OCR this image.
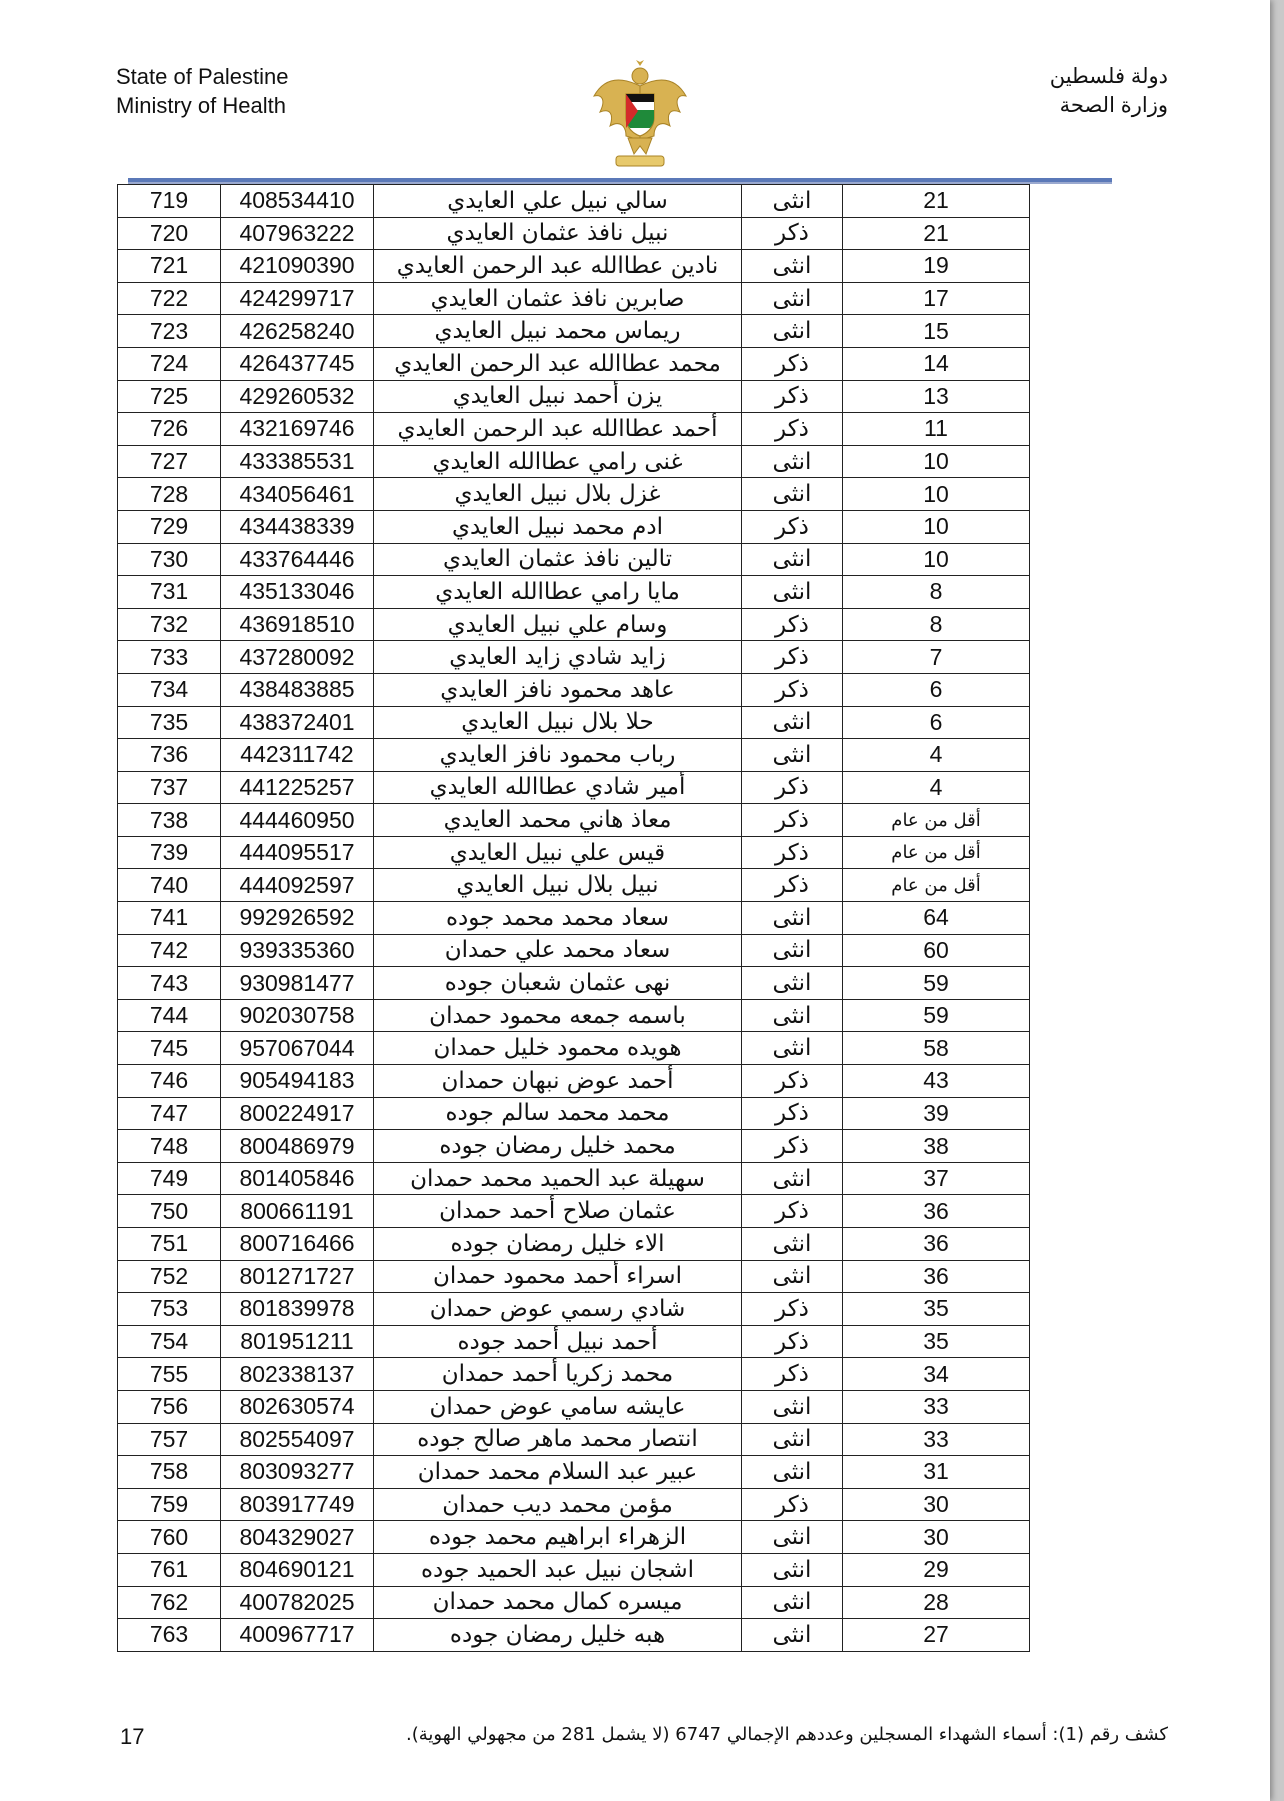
State of Palestine
Ministry of Health
دولة فلسطين
وزارة الصحة
719	408534410	سالي نبيل علي العايدي	انثى	21
720	407963222	نبيل نافذ عثمان العايدي	ذكر	21
721	421090390	نادين عطاالله عبد الرحمن العايدي	انثى	19
722	424299717	صابرين نافذ عثمان العايدي	انثى	17
723	426258240	ريماس محمد نبيل العايدي	انثى	15
724	426437745	محمد عطاالله عبد الرحمن العايدي	ذكر	14
725	429260532	يزن أحمد نبيل العايدي	ذكر	13
726	432169746	أحمد عطاالله عبد الرحمن العايدي	ذكر	11
727	433385531	غنى رامي عطاالله العايدي	انثى	10
728	434056461	غزل بلال نبيل العايدي	انثى	10
729	434438339	ادم محمد نبيل العايدي	ذكر	10
730	433764446	تالين نافذ عثمان العايدي	انثى	10
731	435133046	مايا رامي عطاالله العايدي	انثى	8
732	436918510	وسام علي نبيل العايدي	ذكر	8
733	437280092	زايد شادي زايد العايدي	ذكر	7
734	438483885	عاهد محمود نافز العايدي	ذكر	6
735	438372401	حلا بلال نبيل العايدي	انثى	6
736	442311742	رباب محمود نافز العايدي	انثى	4
737	441225257	أمير شادي عطاالله العايدي	ذكر	4
738	444460950	معاذ هاني محمد العايدي	ذكر	أقل من عام
739	444095517	قيس علي نبيل العايدي	ذكر	أقل من عام
740	444092597	نبيل بلال نبيل العايدي	ذكر	أقل من عام
741	992926592	سعاد محمد محمد جوده	انثى	64
742	939335360	سعاد محمد علي حمدان	انثى	60
743	930981477	نهى عثمان شعبان جوده	انثى	59
744	902030758	باسمه جمعه محمود حمدان	انثى	59
745	957067044	هويده محمود خليل حمدان	انثى	58
746	905494183	أحمد عوض نبهان حمدان	ذكر	43
747	800224917	محمد محمد سالم جوده	ذكر	39
748	800486979	محمد خليل رمضان جوده	ذكر	38
749	801405846	سهيلة عبد الحميد محمد حمدان	انثى	37
750	800661191	عثمان صلاح أحمد حمدان	ذكر	36
751	800716466	الاء خليل رمضان جوده	انثى	36
752	801271727	اسراء أحمد محمود حمدان	انثى	36
753	801839978	شادي رسمي عوض حمدان	ذكر	35
754	801951211	أحمد نبيل أحمد جوده	ذكر	35
755	802338137	محمد زكريا أحمد حمدان	ذكر	34
756	802630574	عايشه سامي عوض حمدان	انثى	33
757	802554097	انتصار محمد ماهر صالح جوده	انثى	33
758	803093277	عبير عبد السلام محمد حمدان	انثى	31
759	803917749	مؤمن محمد ديب حمدان	ذكر	30
760	804329027	الزهراء ابراهيم محمد جوده	انثى	30
761	804690121	اشجان نبيل عبد الحميد جوده	انثى	29
762	400782025	ميسره كمال محمد حمدان	انثى	28
763	400967717	هبه خليل رمضان جوده	انثى	27
17	كشف رقم (1): أسماء الشهداء المسجلين وعددهم الإجمالي 6747 (لا يشمل 281 من مجهولي الهوية).
